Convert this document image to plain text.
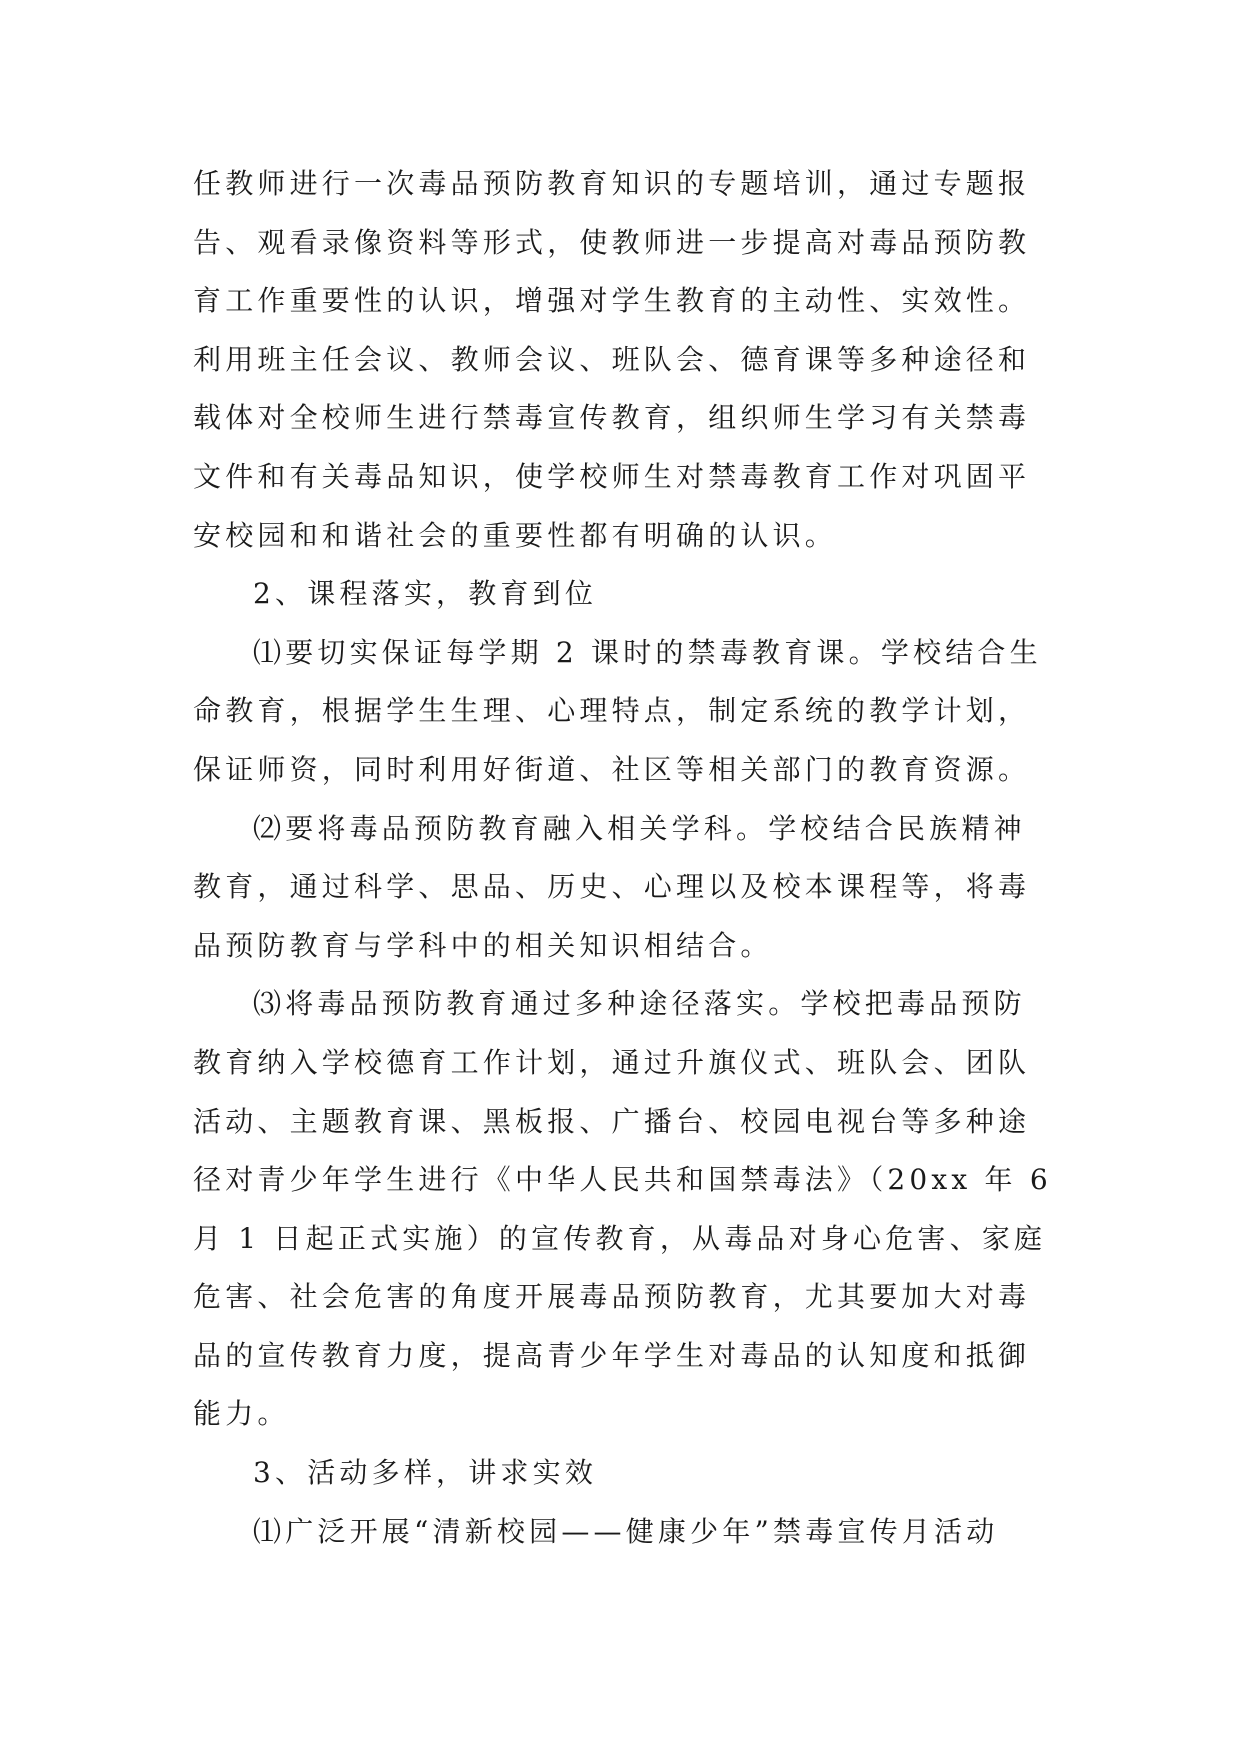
任教师进行一次毒品预防教育知识的专题培训，通过专题报
告、观看录像资料等形式，使教师进一步提高对毒品预防教
育工作重要性的认识，增强对学生教育的主动性、实效性。
利用班主任会议、教师会议、班队会、德育课等多种途径和
载体对全校师生进行禁毒宣传教育，组织师生学习有关禁毒
文件和有关毒品知识，使学校师生对禁毒教育工作对巩固平
安校园和和谐社会的重要性都有明确的认识。
2、课程落实，教育到位
⑴要切实保证每学期 2 课时的禁毒教育课。学校结合生
命教育，根据学生生理、心理特点，制定系统的教学计划，
保证师资，同时利用好街道、社区等相关部门的教育资源。
⑵要将毒品预防教育融入相关学科。学校结合民族精神
教育，通过科学、思品、历史、心理以及校本课程等，将毒
品预防教育与学科中的相关知识相结合。
⑶将毒品预防教育通过多种途径落实。学校把毒品预防
教育纳入学校德育工作计划，通过升旗仪式、班队会、团队
活动、主题教育课、黑板报、广播台、校园电视台等多种途
径对青少年学生进行《中华人民共和国禁毒法》（20xx 年 6
月 1 日起正式实施）的宣传教育，从毒品对身心危害、家庭
危害、社会危害的角度开展毒品预防教育，尤其要加大对毒
品的宣传教育力度，提高青少年学生对毒品的认知度和抵御
能力。
3、活动多样，讲求实效
⑴广泛开展“清新校园——健康少年”禁毒宣传月活动
